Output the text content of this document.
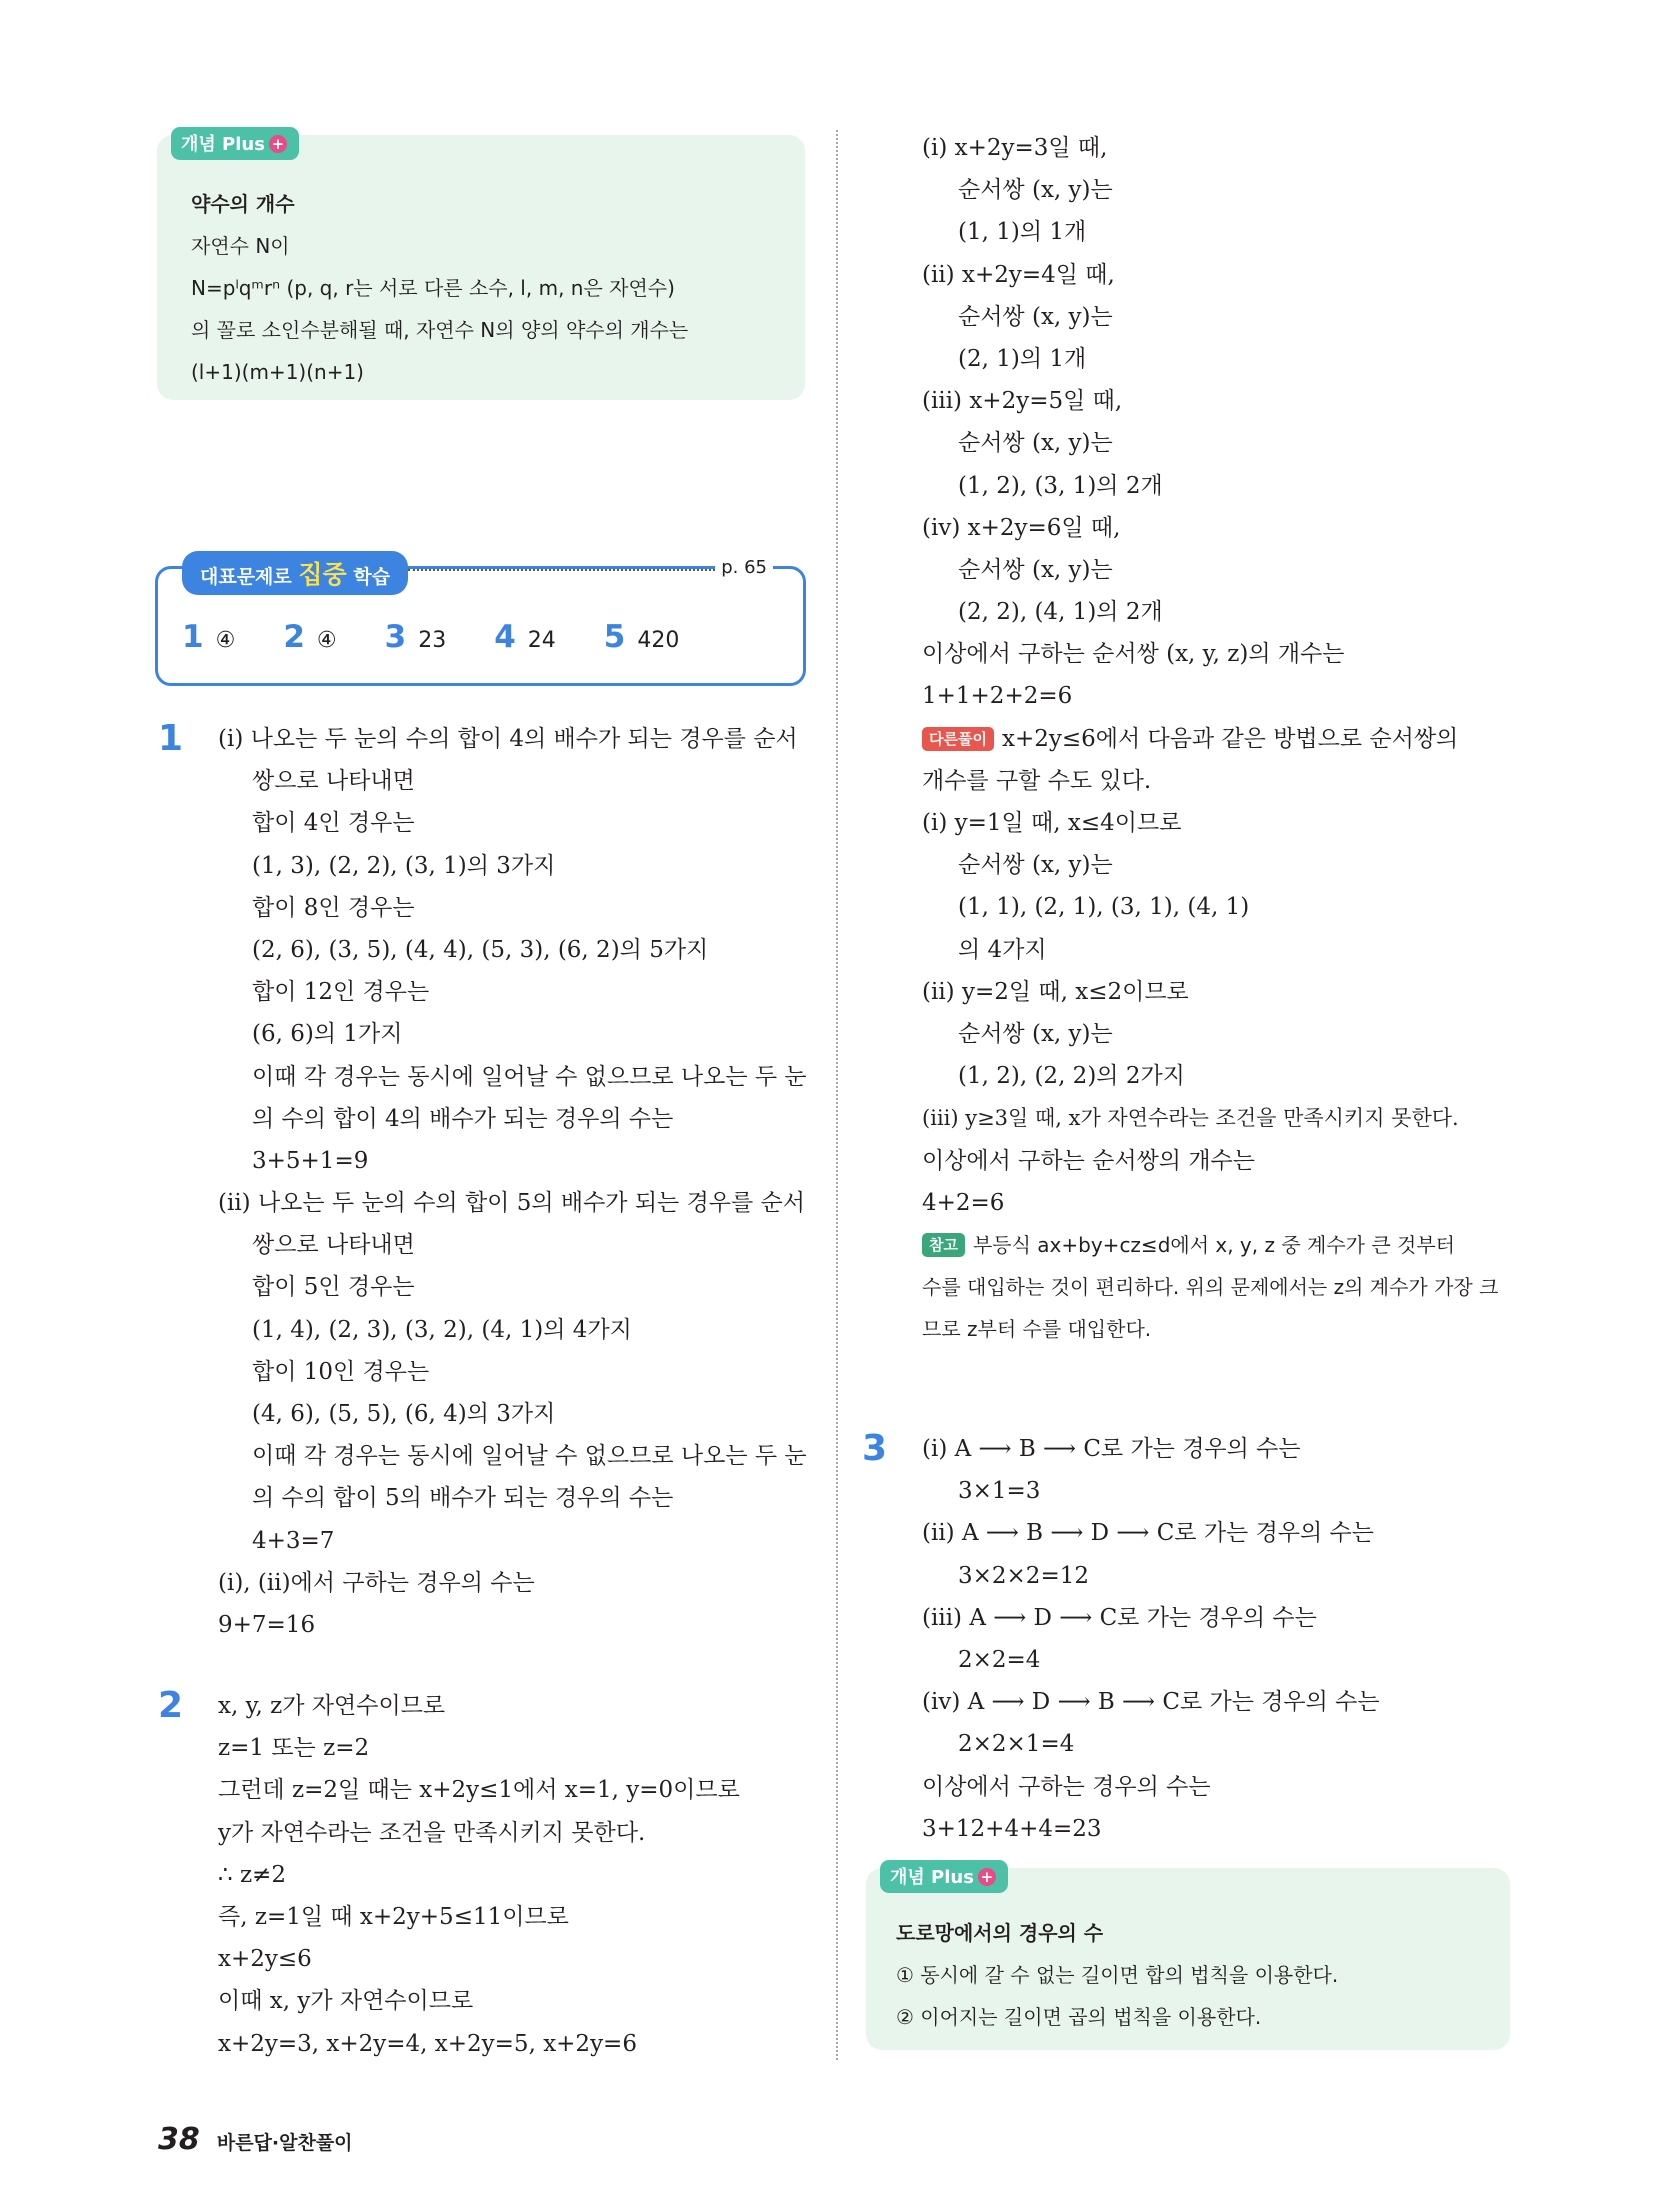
개념 Plus +
약수의 개수
자연수 N이
N=pˡqᵐrⁿ (p, q, r는 서로 다른 소수, l, m, n은 자연수)
의 꼴로 소인수분해될 때, 자연수 N의 양의 약수의 개수는
(l+1)(m+1)(n+1)
대표문제로 집중 학습	p. 65
1 ④ 2 ④ 3 23 4 24 5 420
1 (ⅰ) 나오는 두 눈의 수의 합이 4의 배수가 되는 경우를 순서
쌍으로 나타내면
합이 4인 경우는
(1, 3), (2, 2), (3, 1)의 3가지
합이 8인 경우는
(2, 6), (3, 5), (4, 4), (5, 3), (6, 2)의 5가지
합이 12인 경우는
(6, 6)의 1가지
이때 각 경우는 동시에 일어날 수 없으므로 나오는 두 눈
의 수의 합이 4의 배수가 되는 경우의 수는
3+5+1=9
(ⅱ) 나오는 두 눈의 수의 합이 5의 배수가 되는 경우를 순서
쌍으로 나타내면
합이 5인 경우는
(1, 4), (2, 3), (3, 2), (4, 1)의 4가지
합이 10인 경우는
(4, 6), (5, 5), (6, 4)의 3가지
이때 각 경우는 동시에 일어날 수 없으므로 나오는 두 눈
의 수의 합이 5의 배수가 되는 경우의 수는
4+3=7
(ⅰ), (ⅱ)에서 구하는 경우의 수는
9+7=16
2 x, y, z가 자연수이므로
z=1 또는 z=2
그런데 z=2일 때는 x+2y≤1에서 x=1, y=0이므로
y가 자연수라는 조건을 만족시키지 못한다.
∴ z≠2
즉, z=1일 때 x+2y+5≤11이므로
x+2y≤6
이때 x, y가 자연수이므로
x+2y=3, x+2y=4, x+2y=5, x+2y=6
(ⅰ) x+2y=3일 때,
순서쌍 (x, y)는
(1, 1)의 1개
(ⅱ) x+2y=4일 때,
순서쌍 (x, y)는
(2, 1)의 1개
(ⅲ) x+2y=5일 때,
순서쌍 (x, y)는
(1, 2), (3, 1)의 2개
(ⅳ) x+2y=6일 때,
순서쌍 (x, y)는
(2, 2), (4, 1)의 2개
이상에서 구하는 순서쌍 (x, y, z)의 개수는
1+1+2+2=6
다른풀이 x+2y≤6에서 다음과 같은 방법으로 순서쌍의
개수를 구할 수도 있다.
(ⅰ) y=1일 때, x≤4이므로
순서쌍 (x, y)는
(1, 1), (2, 1), (3, 1), (4, 1)
의 4가지
(ⅱ) y=2일 때, x≤2이므로
순서쌍 (x, y)는
(1, 2), (2, 2)의 2가지
(ⅲ) y≥3일 때, x가 자연수라는 조건을 만족시키지 못한다.
이상에서 구하는 순서쌍의 개수는
4+2=6
참고 부등식 ax+by+cz≤d에서 x, y, z 중 계수가 큰 것부터
수를 대입하는 것이 편리하다. 위의 문제에서는 z의 계수가 가장 크
므로 z부터 수를 대입한다.
3 (ⅰ) A ⟶ B ⟶ C로 가는 경우의 수는
3×1=3
(ⅱ) A ⟶ B ⟶ D ⟶ C로 가는 경우의 수는
3×2×2=12
(ⅲ) A ⟶ D ⟶ C로 가는 경우의 수는
2×2=4
(ⅳ) A ⟶ D ⟶ B ⟶ C로 가는 경우의 수는
2×2×1=4
이상에서 구하는 경우의 수는
3+12+4+4=23
개념 Plus +
도로망에서의 경우의 수
① 동시에 갈 수 없는 길이면 합의 법칙을 이용한다.
② 이어지는 길이면 곱의 법칙을 이용한다.
38 바른답·알찬풀이
